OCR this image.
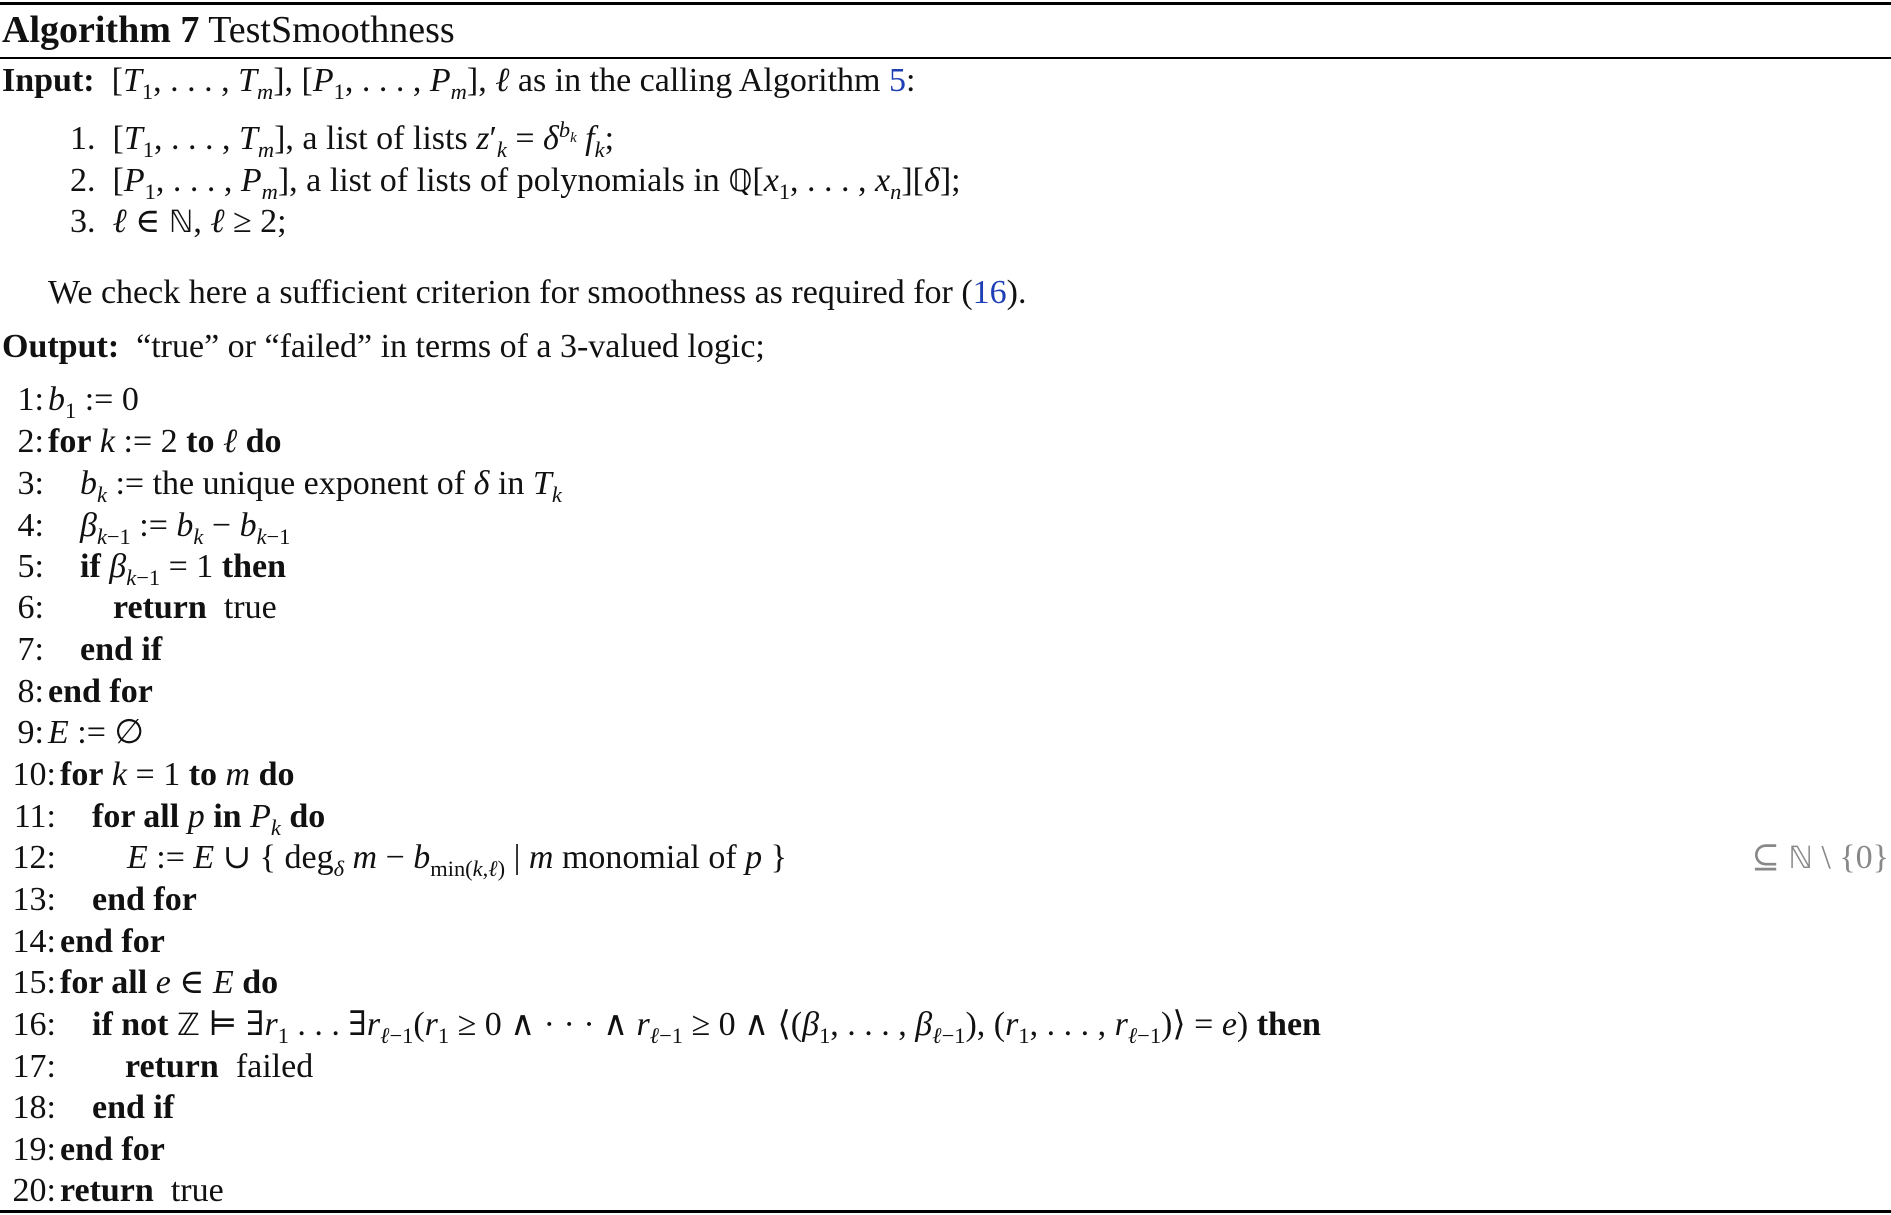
Algorithm 7 TestSmoothness
Input: [$T_1$, . . . , $T_m$], [$P_1$, . . . , $P_m$], ℓ as in the calling Algorithm 5:
1.  [$T_1$, . . . , $T_m$], a list of lists $z'_k = \delta^{b_k}$ $f_k$;
2.  [$P_1$, . . . , $P_m$], a list of lists of polynomials in $ℚ[x_1$, . . . , $x_n][\delta]$;
3.  ℓ ∈ ℕ, ℓ ≥ 2;
We check here a sufficient criterion for smoothness as required for (16).
Output: “true” or “failed” in terms of a 3-valued logic;
1: $b_1$ := 0
2: for k := 2 to ℓ do
3: $b_k$ := the unique exponent of δ in $T_k$
4: $\beta_{k-1}$ := $b_k - b_{k-1}$
5: if $\beta_{k-1} = 1$ then
6: return  true
7: end if
8: end for
9: E := ∅
10: for k = 1 to m do
11: for all p in $P_k$ do
12: E := E ∪ { deg$_\delta$ $m - b_{min(k,\ell)}$ | m monomial of p }	⊆ ℕ \ {0}
13: end for
14: end for
15: for all e ∈ E do
16: if not ℤ ⊨ $\exists r_1$ . . . $\exists r_{\ell-1}(r_1 \ge 0$ ∧ · · · ∧ $r_{\ell-1} \ge 0$ ∧ $⟨(\beta_1$, . . . , $\beta_{\ell-1}$), ($r_1$, . . . , $r_{\ell-1})⟩ = e$) then
17: return  failed
18: end if
19: end for
20: return  true
